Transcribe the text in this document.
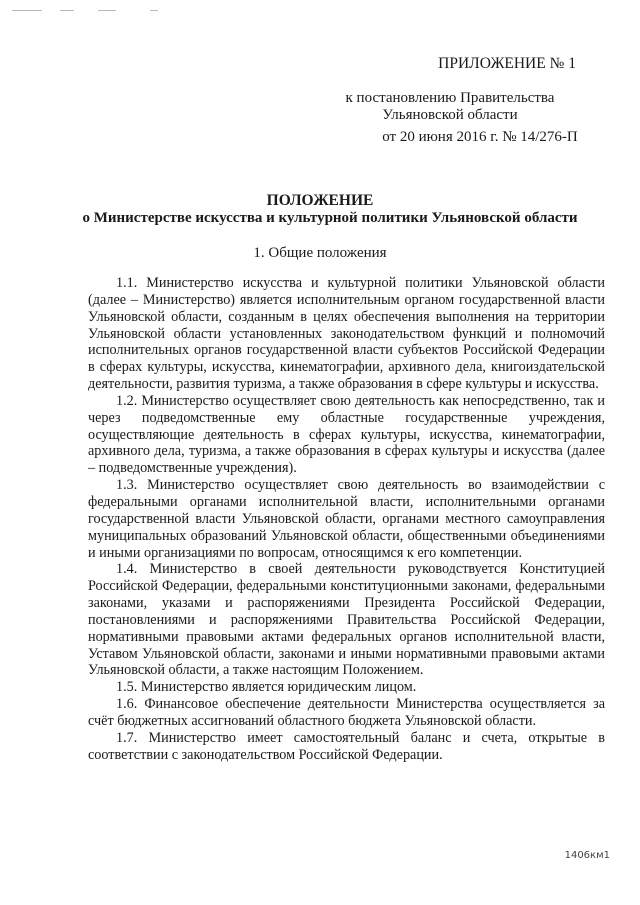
ПРИЛОЖЕНИЕ № 1
к постановлению Правительства
Ульяновской области
от 20 июня 2016 г. № 14/276-П
ПОЛОЖЕНИЕ
о Министерстве искусства и культурной политики Ульяновской области
1. Общие положения

1.1. Министерство искусства и культурной политики Ульяновской области (далее – Министерство) является исполнительным органом государственной власти Ульяновской области, созданным в целях обеспечения выполнения на территории Ульяновской области установленных законодательством функций и полномочий исполнительных органов государственной власти субъектов Российской Федерации в сферах культуры, искусства, кинематографии, архивного дела, книгоиздательской деятельности, развития туризма, а также образования в сфере культуры и искусства.

1.2. Министерство осуществляет свою деятельность как непосредственно, так и через подведомственные ему областные государственные учреждения, осуществляющие деятельность в сферах культуры, искусства, кинематографии, архивного дела, туризма, а также образования в сферах культуры и искусства (далее – подведомственные учреждения).

1.3. Министерство осуществляет свою деятельность во взаимодействии с федеральными органами исполнительной власти, исполнительными органами государственной власти Ульяновской области, органами местного самоуправления муниципальных образований Ульяновской области, общественными объединениями и иными организациями по вопросам, относящимся к его компетенции.

1.4. Министерство в своей деятельности руководствуется Конституцией Российской Федерации, федеральными конституционными законами, федеральными законами, указами и распоряжениями Президента Российской Федерации, постановлениями и распоряжениями Правительства Российской Федерации, нормативными правовыми актами федеральных органов исполнительной власти, Уставом Ульяновской области, законами и иными нормативными правовыми актами Ульяновской области, а также настоящим Положением.

1.5. Министерство является юридическим лицом.

1.6. Финансовое обеспечение деятельности Министерства осуществляется за счёт бюджетных ассигнований областного бюджета Ульяновской области.

1.7. Министерство имеет самостоятельный баланс и счета, открытые в соответствии с законодательством Российской Федерации.

1406км1
